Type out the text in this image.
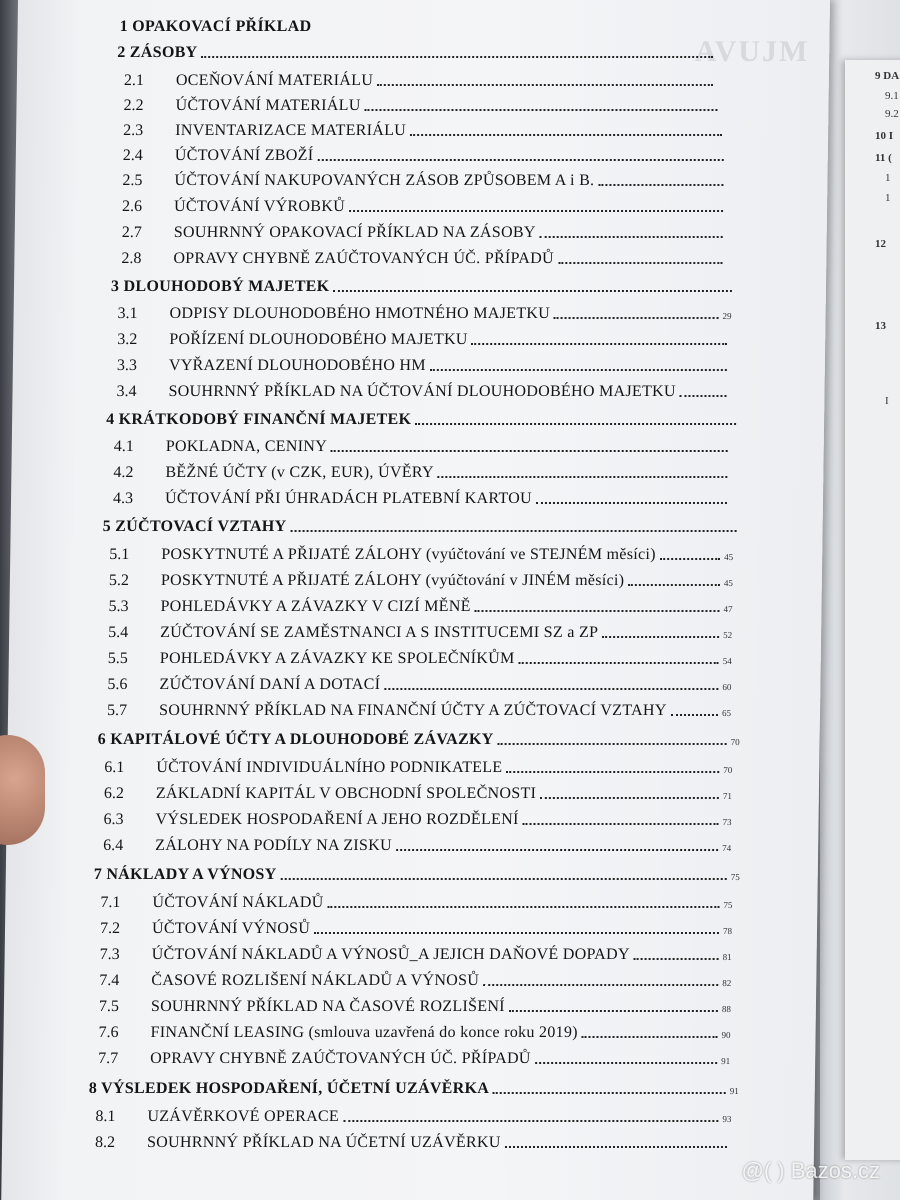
9 DA
9.1
9.2
10 I
11 (
1
1
12
13
I
AVUJM
1 OPAKOVACÍ PŘÍKLAD
2 ZÁSOBY
2.1	OCEŇOVÁNÍ MATERIÁLU
2.2	ÚČTOVÁNÍ MATERIÁLU
2.3	INVENTARIZACE MATERIÁLU
2.4	ÚČTOVÁNÍ ZBOŽÍ
2.5	ÚČTOVÁNÍ NAKUPOVANÝCH ZÁSOB ZPŮSOBEM A i B.
2.6	ÚČTOVÁNÍ VÝROBKŮ
2.7	SOUHRNNÝ OPAKOVACÍ PŘÍKLAD NA ZÁSOBY
2.8	OPRAVY CHYBNĚ ZAÚČTOVANÝCH ÚČ. PŘÍPADŮ
3 DLOUHODOBÝ MAJETEK
3.1	ODPISY DLOUHODOBÉHO HMOTNÉHO MAJETKU	29
3.2	POŘÍZENÍ DLOUHODOBÉHO MAJETKU
3.3	VYŘAZENÍ DLOUHODOBÉHO HM
3.4	SOUHRNNÝ PŘÍKLAD NA ÚČTOVÁNÍ DLOUHODOBÉHO MAJETKU
4 KRÁTKODOBÝ FINANČNÍ MAJETEK
4.1	POKLADNA, CENINY
4.2	BĚŽNÉ ÚČTY (v CZK, EUR), ÚVĚRY
4.3	ÚČTOVÁNÍ PŘI ÚHRADÁCH PLATEBNÍ KARTOU
5 ZÚČTOVACÍ VZTAHY
5.1	POSKYTNUTÉ A PŘIJATÉ ZÁLOHY (vyúčtování ve STEJNÉM měsíci)	45
5.2	POSKYTNUTÉ A PŘIJATÉ ZÁLOHY (vyúčtování v JINÉM měsíci)	45
5.3	POHLEDÁVKY A ZÁVAZKY V CIZÍ MĚNĚ	47
5.4	ZÚČTOVÁNÍ SE ZAMĚSTNANCI A S INSTITUCEMI SZ a ZP	52
5.5	POHLEDÁVKY A ZÁVAZKY KE SPOLEČNÍKŮM	54
5.6	ZÚČTOVÁNÍ DANÍ A DOTACÍ	60
5.7	SOUHRNNÝ PŘÍKLAD NA FINANČNÍ ÚČTY A ZÚČTOVACÍ VZTAHY	65
6 KAPITÁLOVÉ ÚČTY A DLOUHODOBÉ ZÁVAZKY	70
6.1	ÚČTOVÁNÍ INDIVIDUÁLNÍHO PODNIKATELE	70
6.2	ZÁKLADNÍ KAPITÁL V OBCHODNÍ SPOLEČNOSTI	71
6.3	VÝSLEDEK HOSPODAŘENÍ A JEHO ROZDĚLENÍ	73
6.4	ZÁLOHY NA PODÍLY NA ZISKU	74
7 NÁKLADY A VÝNOSY	75
7.1	ÚČTOVÁNÍ NÁKLADŮ	75
7.2	ÚČTOVÁNÍ VÝNOSŮ	78
7.3	ÚČTOVÁNÍ NÁKLADŮ A VÝNOSŮ_A JEJICH DAŇOVÉ DOPADY	81
7.4	ČASOVÉ ROZLIŠENÍ NÁKLADŮ A VÝNOSŮ	82
7.5	SOUHRNNÝ PŘÍKLAD NA ČASOVÉ ROZLIŠENÍ	88
7.6	FINANČNÍ LEASING (smlouva uzavřená do konce roku 2019)	90
7.7	OPRAVY CHYBNĚ ZAÚČTOVANÝCH ÚČ. PŘÍPADŮ	91
8 VÝSLEDEK HOSPODAŘENÍ, ÚČETNÍ UZÁVĚRKA	91
8.1	UZÁVĚRKOVÉ OPERACE	93
8.2	SOUHRNNÝ PŘÍKLAD NA ÚČETNÍ UZÁVĚRKU
@( ) Bazos.cz
